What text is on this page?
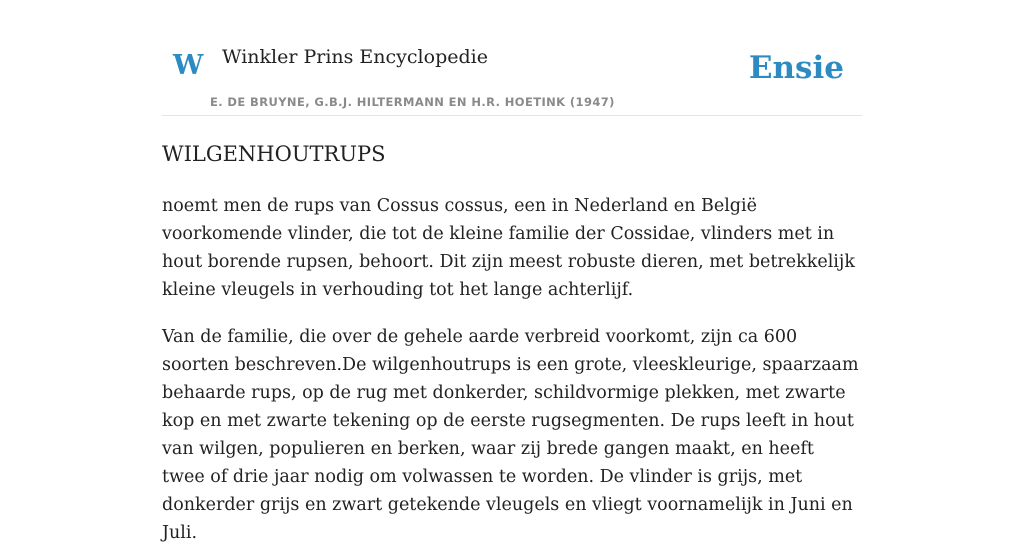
W Winkler Prins Encyclopedie	Ensie
E. DE BRUYNE, G.B.J. HILTERMANN EN H.R. HOETINK (1947)
WILGENHOUTRUPS

noemt men de rups van Cossus cossus, een in Nederland en België voorkomende vlinder, die tot de kleine familie der Cossidae, vlinders met in hout borende rupsen, behoort. Dit zijn meest robuste dieren, met betrekkelijk kleine vleugels in verhouding tot het lange achterlijf.

Van de familie, die over de gehele aarde verbreid voorkomt, zijn ca 600 soorten beschreven.De wilgenhoutrups is een grote, vleeskleurige, spaarzaam behaarde rups, op de rug met donkerder, schildvormige plekken, met zwarte kop en met zwarte tekening op de eerste rugsegmenten. De rups leeft in hout van wilgen, populieren en berken, waar zij brede gangen maakt, en heeft twee of drie jaar nodig om volwassen te worden. De vlinder is grijs, met donkerder grijs en zwart getekende vleugels en vliegt voornamelijk in Juni en Juli.
